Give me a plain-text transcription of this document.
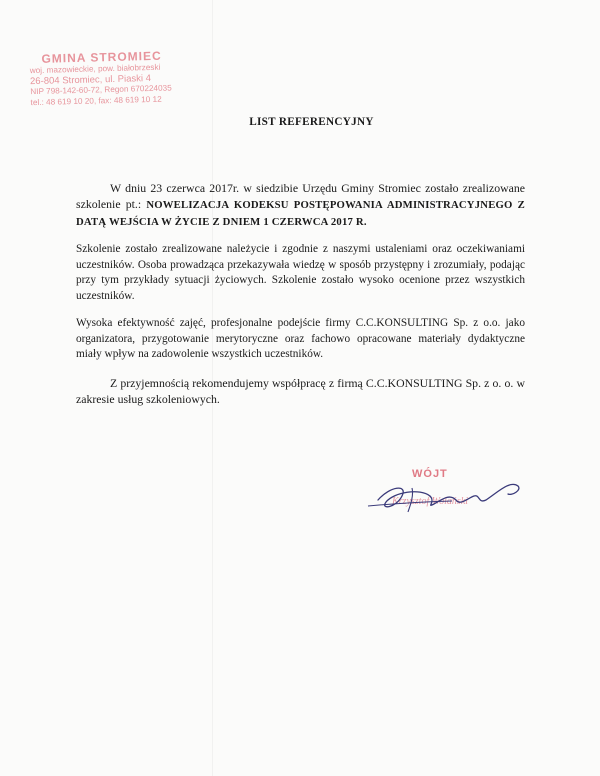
GMINA STROMIEC
woj. mazowieckie, pow. białobrzeski
26-804 Stromiec, ul. Piaski 4
NIP 798-142-60-72, Regon 670224035
tel.: 48 619 10 20, fax: 48 619 10 12
LIST REFERENCYJNY

W dniu 23 czerwca 2017r. w siedzibie Urzędu Gminy Stromiec zostało zrealizowane szkolenie pt.: NOWELIZACJA KODEKSU POSTĘPOWANIA ADMINISTRACYJNEGO Z DATĄ WEJŚCIA W ŻYCIE Z DNIEM 1 CZERWCA 2017 R.

Szkolenie zostało zrealizowane należycie i zgodnie z naszymi ustaleniami oraz oczekiwaniami uczestników. Osoba prowadząca przekazywała wiedzę w sposób przystępny i zrozumiały, podając przy tym przykłady sytuacji życiowych. Szkolenie zostało wysoko ocenione przez wszystkich uczestników.

Wysoka efektywność zajęć, profesjonalne podejście firmy C.C.KONSULTING Sp. z o.o. jako organizatora, przygotowanie merytoryczne oraz fachowo opracowane materiały dydaktyczne miały wpływ na zadowolenie wszystkich uczestników.

Z przyjemnością rekomendujemy współpracę z firmą C.C.KONSULTING Sp. z o. o. w zakresie usług szkoleniowych.

WÓJT
Krzysztof Wolański
